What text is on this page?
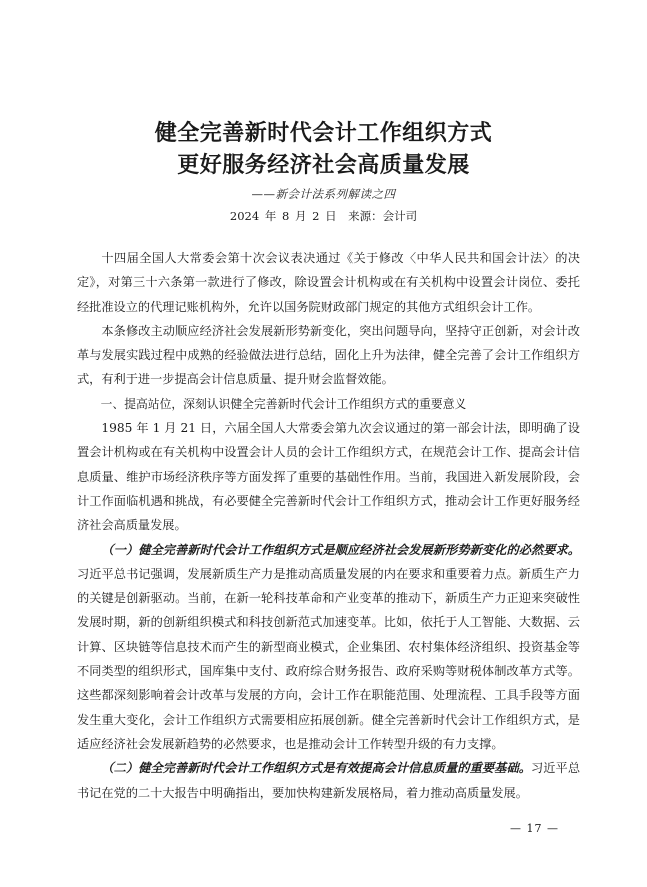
健全完善新时代会计工作组织方式
更好服务经济社会高质量发展
——新会计法系列解读之四
2024 年 8 月 2 日　来源：会计司

十四届全国人大常委会第十次会议表决通过《关于修改〈中华人民共和国会计法〉的决定》，对第三十六条第一款进行了修改，除设置会计机构或在有关机构中设置会计岗位、委托经批准设立的代理记账机构外，允许以国务院财政部门规定的其他方式组织会计工作。

本条修改主动顺应经济社会发展新形势新变化，突出问题导向，坚持守正创新，对会计改革与发展实践过程中成熟的经验做法进行总结，固化上升为法律，健全完善了会计工作组织方式，有利于进一步提高会计信息质量、提升财会监督效能。

一、提高站位，深刻认识健全完善新时代会计工作组织方式的重要意义

1985 年 1 月 21 日，六届全国人大常委会第九次会议通过的第一部会计法，即明确了设置会计机构或在有关机构中设置会计人员的会计工作组织方式，在规范会计工作、提高会计信息质量、维护市场经济秩序等方面发挥了重要的基础性作用。当前，我国进入新发展阶段，会计工作面临机遇和挑战，有必要健全完善新时代会计工作组织方式，推动会计工作更好服务经济社会高质量发展。

（一）健全完善新时代会计工作组织方式是顺应经济社会发展新形势新变化的必然要求。习近平总书记强调，发展新质生产力是推动高质量发展的内在要求和重要着力点。新质生产力的关键是创新驱动。当前，在新一轮科技革命和产业变革的推动下，新质生产力正迎来突破性发展时期，新的创新组织模式和科技创新范式加速变革。比如，依托于人工智能、大数据、云计算、区块链等信息技术而产生的新型商业模式，企业集团、农村集体经济组织、投资基金等不同类型的组织形式，国库集中支付、政府综合财务报告、政府采购等财税体制改革方式等。这些都深刻影响着会计改革与发展的方向，会计工作在职能范围、处理流程、工具手段等方面发生重大变化，会计工作组织方式需要相应拓展创新。健全完善新时代会计工作组织方式，是适应经济社会发展新趋势的必然要求，也是推动会计工作转型升级的有力支撑。

（二）健全完善新时代会计工作组织方式是有效提高会计信息质量的重要基础。习近平总书记在党的二十大报告中明确指出，要加快构建新发展格局，着力推动高质量发展。

— 17 —
